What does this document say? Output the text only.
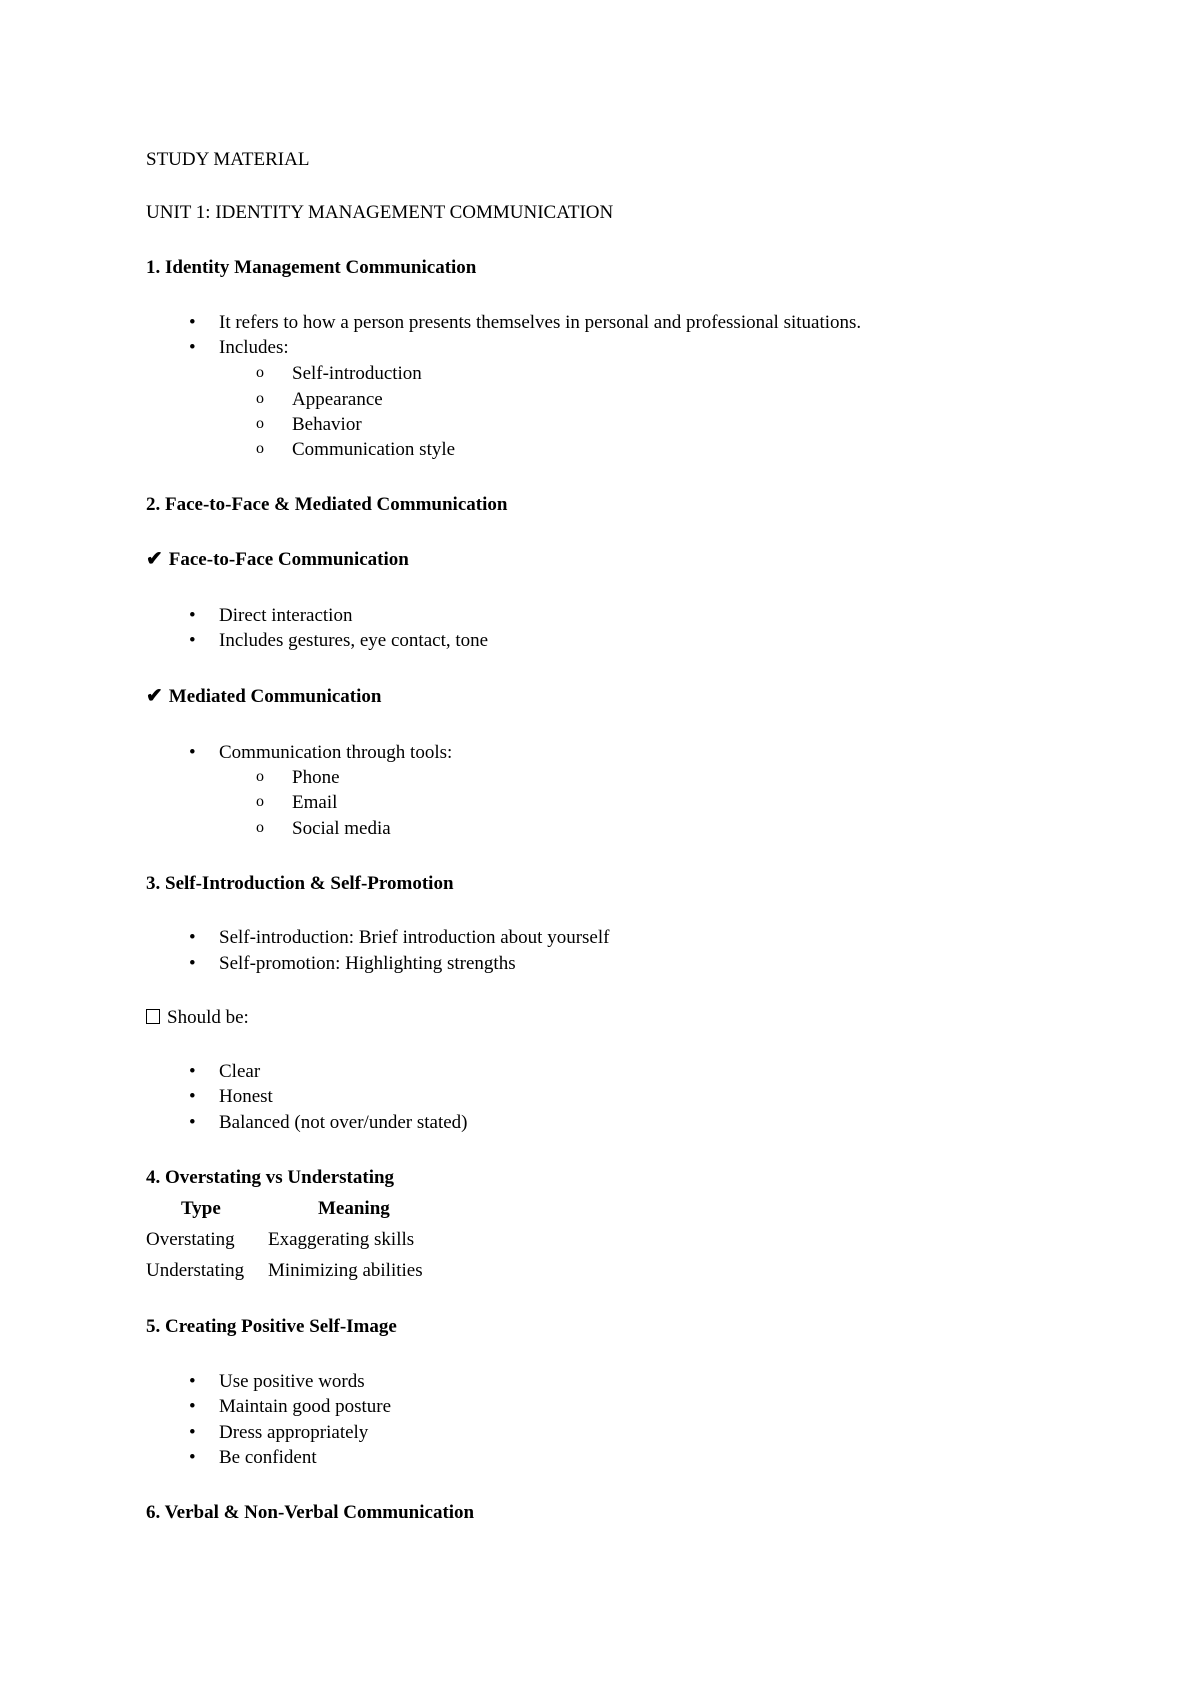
STUDY MATERIAL
UNIT 1: IDENTITY MANAGEMENT COMMUNICATION
1. Identity Management Communication
• It refers to how a person presents themselves in personal and professional situations.
• Includes:
o Self-introduction
o Appearance
o Behavior
o Communication style
2. Face-to-Face & Mediated Communication
✔ Face-to-Face Communication
• Direct interaction
• Includes gestures, eye contact, tone
✔ Mediated Communication
• Communication through tools:
o Phone
o Email
o Social media
3. Self-Introduction & Self-Promotion
• Self-introduction: Brief introduction about yourself
• Self-promotion: Highlighting strengths
Should be:
• Clear
• Honest
• Balanced (not over/under stated)
4. Overstating vs Understating
Type	Meaning
Overstating Exaggerating skills
Understating Minimizing abilities
5. Creating Positive Self-Image
• Use positive words
• Maintain good posture
• Dress appropriately
• Be confident
6. Verbal & Non-Verbal Communication
